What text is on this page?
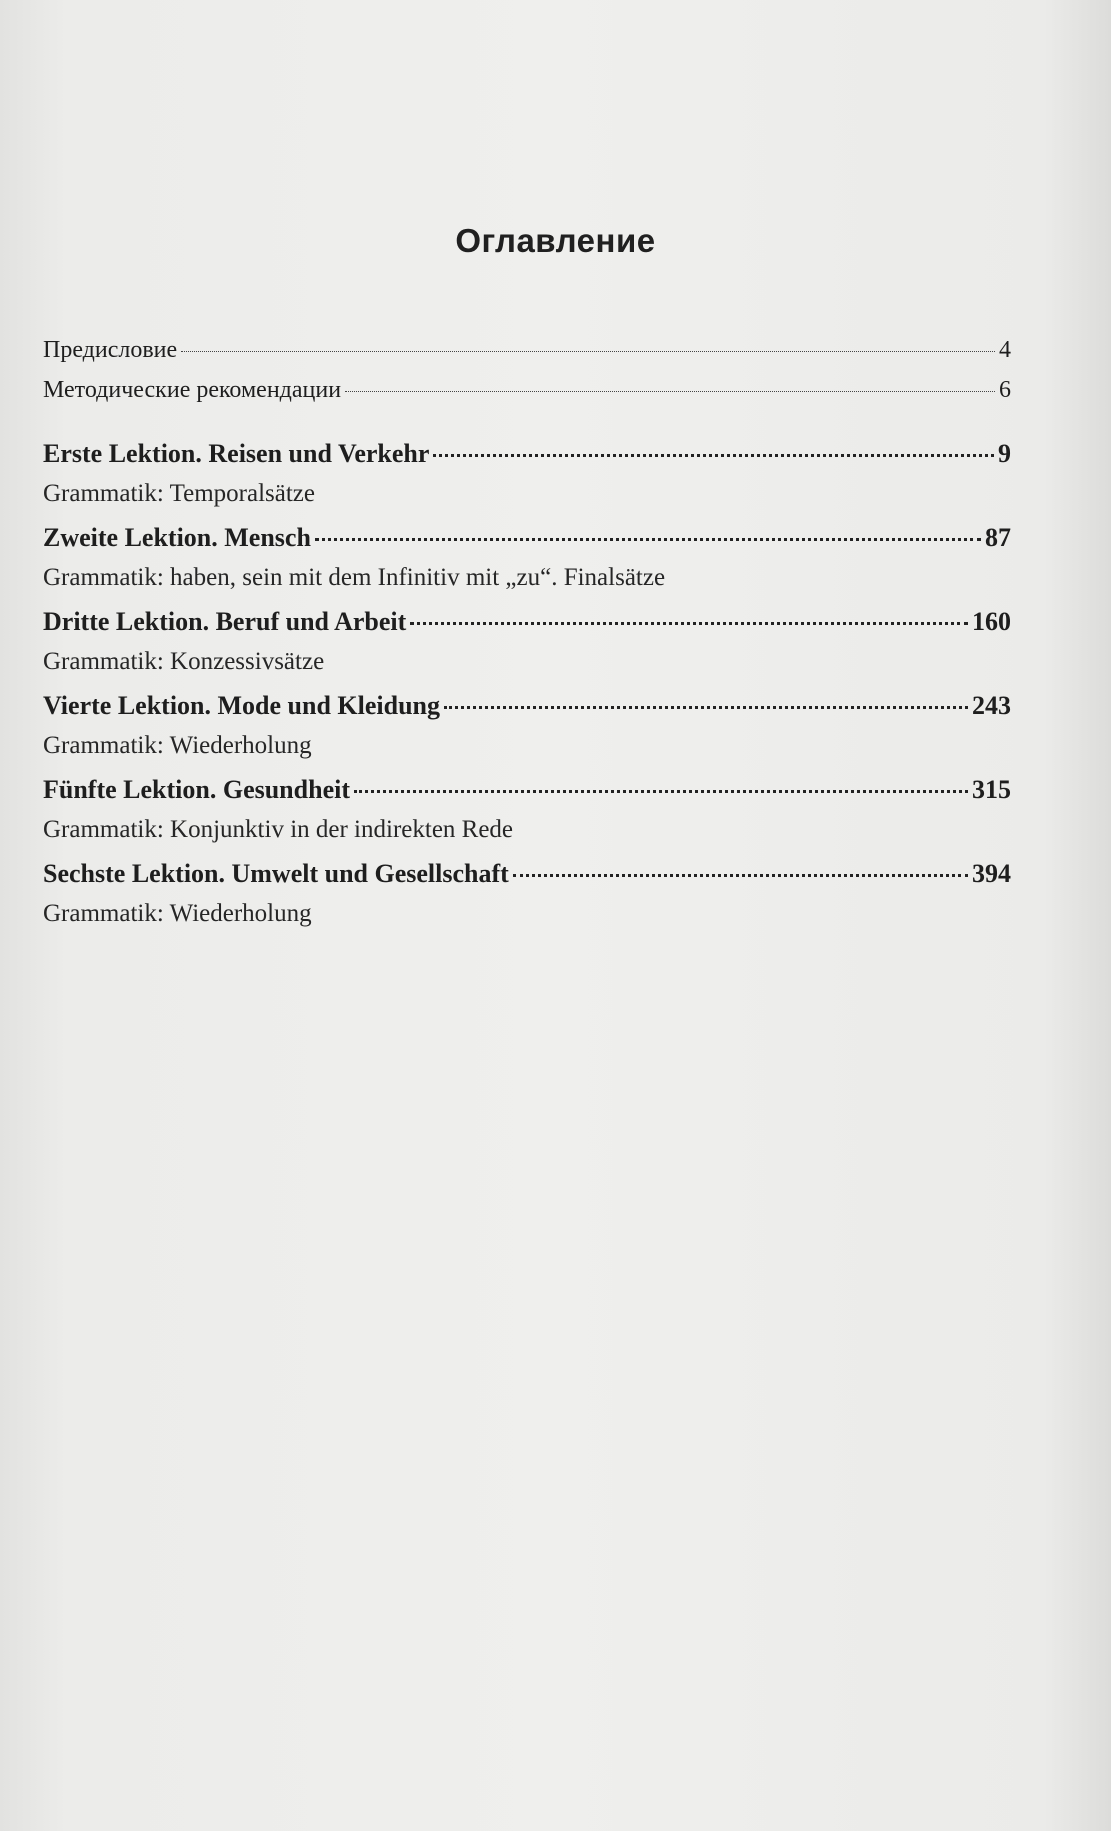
Оглавление
Предисловие	4
Методические рекомендации	6
Erste Lektion. Reisen und Verkehr	9
Grammatik: Temporalsätze
Zweite Lektion. Mensch	87
Grammatik: haben, sein mit dem Infinitiv mit „zu“. Finalsätze
Dritte Lektion. Beruf und Arbeit	160
Grammatik: Konzessivsätze
Vierte Lektion. Mode und Kleidung	243
Grammatik: Wiederholung
Fünfte Lektion. Gesundheit	315
Grammatik: Konjunktiv in der indirekten Rede
Sechste Lektion. Umwelt und Gesellschaft	394
Grammatik: Wiederholung
